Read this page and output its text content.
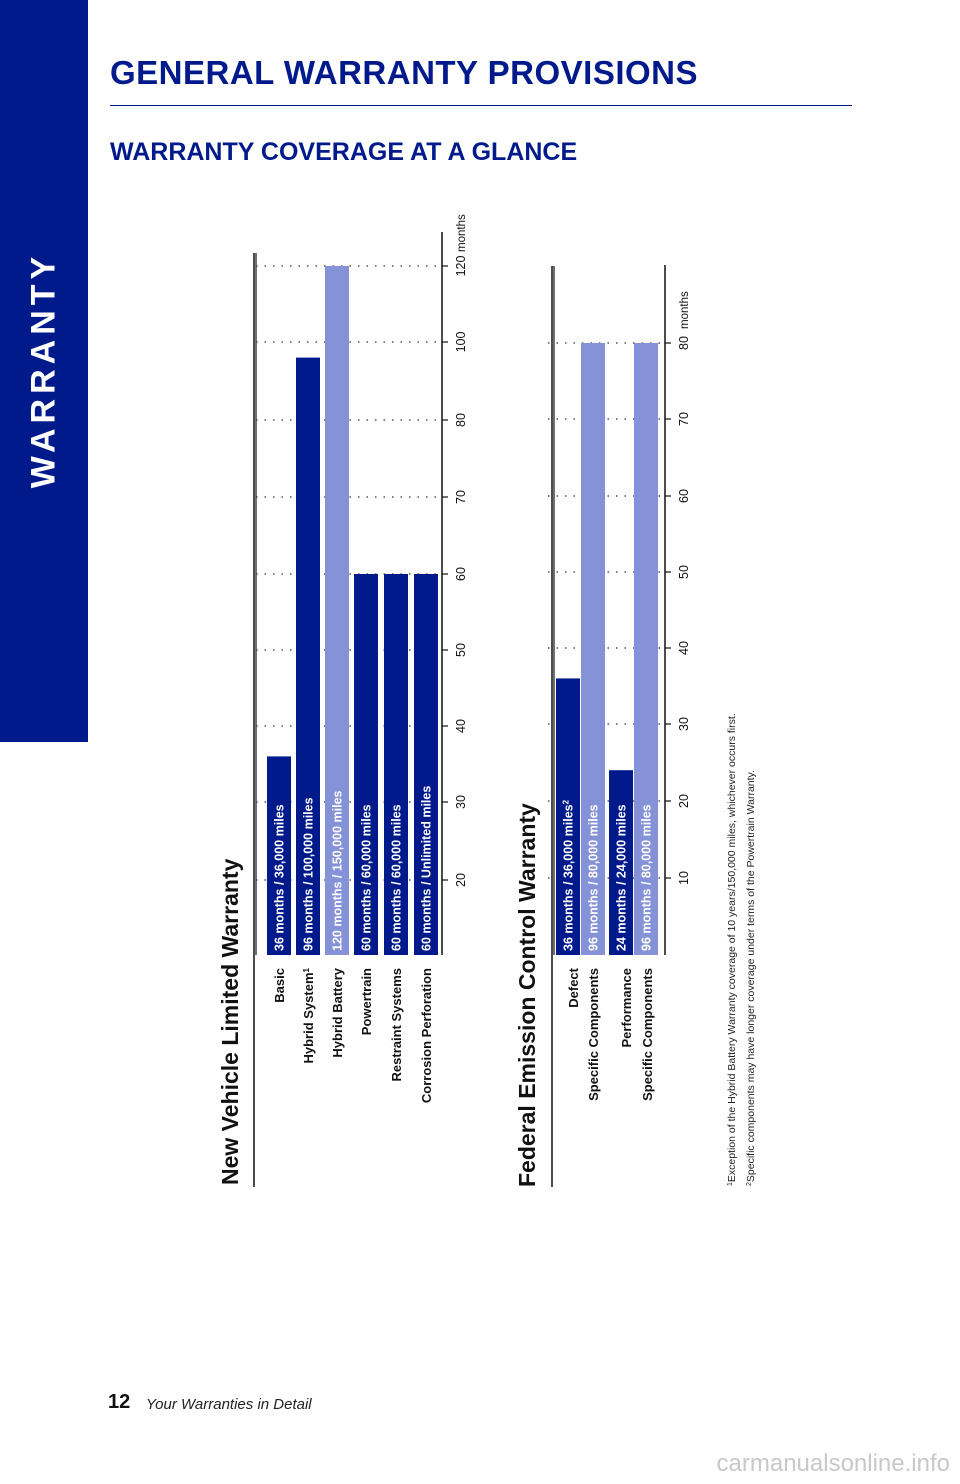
WARRANTY
GENERAL WARRANTY PROVISIONS
WARRANTY COVERAGE AT A GLANCE
New Vehicle Limited Warranty 36 months / 36,000 miles
Basic
96 months / 100,000 miles
Hybrid System$^1$
120 months / 150,000 miles
Hybrid Battery
60 months / 60,000 miles
Powertrain
60 months / 60,000 miles
Restraint Systems
60 months / Unlimited miles
Corrosion Perforation
20
30
40
50
60
70
80
100
120
months
Federal Emission Control Warranty 36 months / 36,000 miles$^2$
Defect
96 months / 80,000 miles
Specific Components
24 months / 24,000 miles
Performance
96 months / 80,000 miles
Specific Components
10
20
30
40
50
60
70
80
months
$^1$Exception of the Hybrid Battery Warranty coverage of 10 years/150,000 miles, whichever occurs first.
$^2$Specific components may have longer coverage under terms of the Powertrain Warranty.
12 Your Warranties in Detail
carmanualsonline.info
